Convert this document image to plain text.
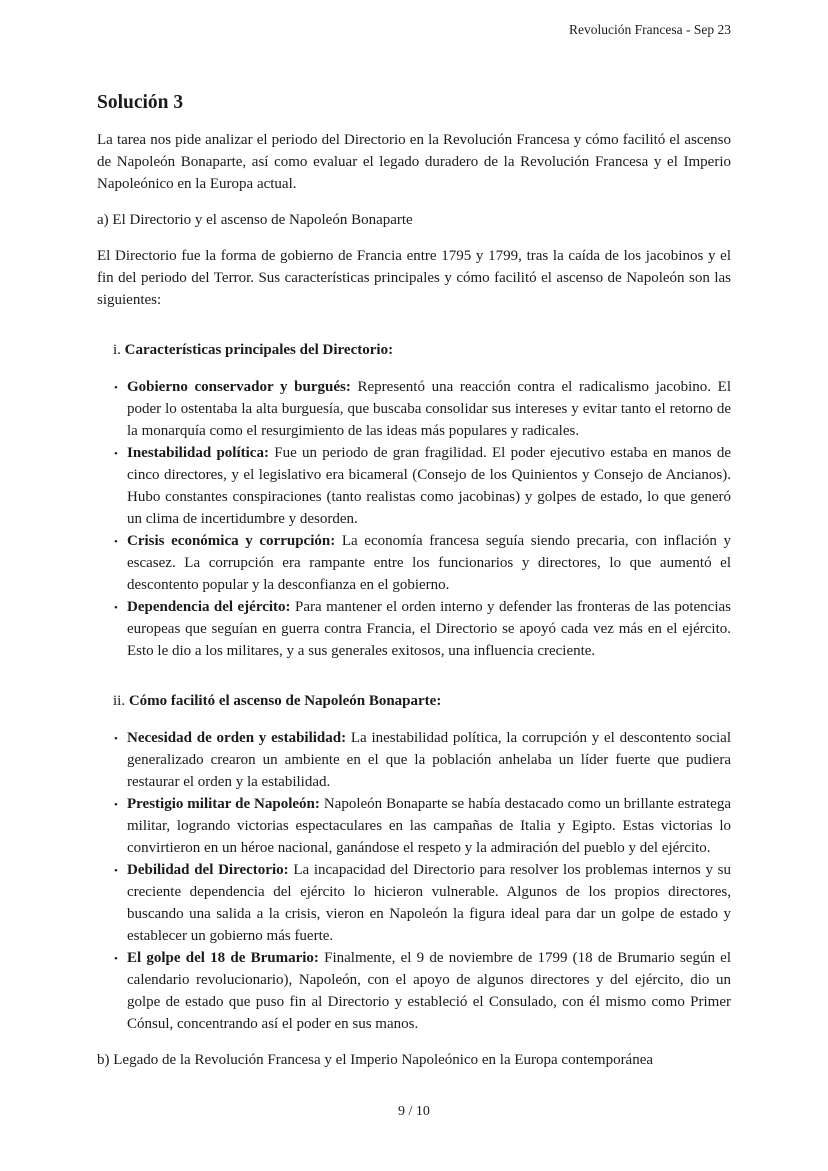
Revolución Francesa - Sep 23
Solución 3

La tarea nos pide analizar el periodo del Directorio en la Revolución Francesa y cómo facilitó el ascenso de Napoleón Bonaparte, así como evaluar el legado duradero de la Revolución Francesa y el Imperio Napoleónico en la Europa actual.

a) El Directorio y el ascenso de Napoleón Bonaparte

El Directorio fue la forma de gobierno de Francia entre 1795 y 1799, tras la caída de los jacobinos y el fin del periodo del Terror. Sus características principales y cómo facilitó el ascenso de Napoleón son las siguientes:

i. Características principales del Directorio:
• Gobierno conservador y burgués: Representó una reacción contra el radicalismo jacobino. El poder lo ostentaba la alta burguesía, que buscaba consolidar sus intereses y evitar tanto el retorno de la monarquía como el resurgimiento de las ideas más populares y radicales.
• Inestabilidad política: Fue un periodo de gran fragilidad. El poder ejecutivo estaba en manos de cinco directores, y el legislativo era bicameral (Consejo de los Quinientos y Consejo de Ancianos). Hubo constantes conspiraciones (tanto realistas como jacobinas) y golpes de estado, lo que generó un clima de incertidumbre y desorden.
• Crisis económica y corrupción: La economía francesa seguía siendo precaria, con inflación y escasez. La corrupción era rampante entre los funcionarios y directores, lo que aumentó el descontento popular y la desconfianza en el gobierno.
• Dependencia del ejército: Para mantener el orden interno y defender las fronteras de las potencias europeas que seguían en guerra contra Francia, el Directorio se apoyó cada vez más en el ejército. Esto le dio a los militares, y a sus generales exitosos, una influencia creciente.
ii. Cómo facilitó el ascenso de Napoleón Bonaparte:
• Necesidad de orden y estabilidad: La inestabilidad política, la corrupción y el descontento social generalizado crearon un ambiente en el que la población anhelaba un líder fuerte que pudiera restaurar el orden y la estabilidad.
• Prestigio militar de Napoleón: Napoleón Bonaparte se había destacado como un brillante estratega militar, logrando victorias espectaculares en las campañas de Italia y Egipto. Estas victorias lo convirtieron en un héroe nacional, ganándose el respeto y la admiración del pueblo y del ejército.
• Debilidad del Directorio: La incapacidad del Directorio para resolver los problemas internos y su creciente dependencia del ejército lo hicieron vulnerable. Algunos de los propios directores, buscando una salida a la crisis, vieron en Napoleón la figura ideal para dar un golpe de estado y establecer un gobierno más fuerte.
• El golpe del 18 de Brumario: Finalmente, el 9 de noviembre de 1799 (18 de Brumario según el calendario revolucionario), Napoleón, con el apoyo de algunos directores y del ejército, dio un golpe de estado que puso fin al Directorio y estableció el Consulado, con él mismo como Primer Cónsul, concentrando así el poder en sus manos.

b) Legado de la Revolución Francesa y el Imperio Napoleónico en la Europa contemporánea

9 / 10
